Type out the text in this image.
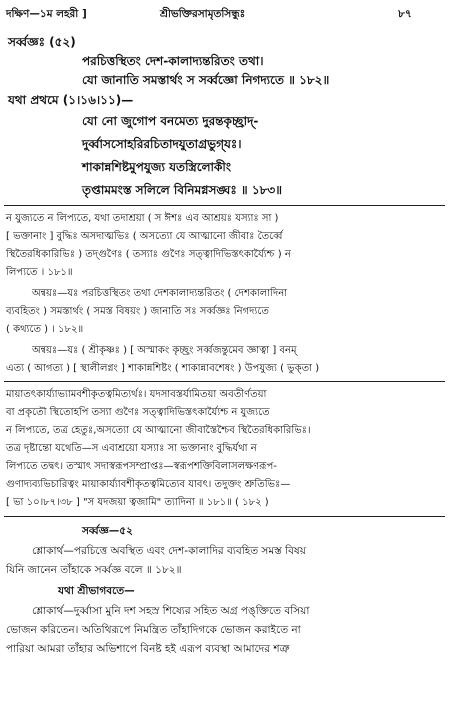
দক্ষিণ—১ম লহরী ]	শ্রীভক্তিরসামৃতসিন্ধুঃ	৮৭
সর্ব্বজ্ঞঃ (৫২)
পরচিত্তস্থিতং দেশ-কালাদ্যন্তরিতং তথা।
যো জানাতি সমস্তার্থং স সর্ব্বজ্ঞো নিগদ্যতে ॥ ১৮২॥
যথা প্রথমে (১।১৬।১১)—
যো নো জুগোপ বনমেত্য দুরন্তকৃচ্ছ্রাদ্-
দুর্ব্বাসসোহরিরচিতাদযুতাগ্রভুগ্‌যঃ।
শাকান্নশিষ্টমুপযুজ্য যতস্ত্রিলোকীং
তৃপ্তামমংস্ত সলিলে বিনিমগ্নসঙ্ঘঃ ॥ ১৮৩॥
ন যুজ্যতে ন লিপ্যতে, যথা তদাশ্রয়া ( স ঈশঃ এব আশ্রয়ঃ যস্যাঃ সা )
[ ভক্তানাং ] বুদ্ধিঃ অসদাত্মভিঃ ( অসত্যো যে আত্মানো জীবাঃ তৈর্ব্বে
স্থিতৈরধিকারিভিঃ ) তদ্গুণৈঃ ( তস্যাঃ গুণৈঃ সত্ত্বাদিভিস্তৎকার্য্যৈশ্চ ) ন
লিপ্যতে । ১৮১॥
অন্বয়ঃ—যঃ পরচিত্তস্থিতং তথা দেশকালাদ্যন্তরিতং ( দেশকালাদিনা
ব্যবহিতং ) সমস্তার্থং ( সমস্ত বিষয়ং ) জানাতি সঃ সর্ব্বজ্ঞঃ নিগদ্যতে
( কথ্যতে ) । ১৮২॥
অন্বয়ঃ—যঃ ( শ্রীকৃষ্ণঃ ) [ অস্মাকং কৃচ্ছ্রং সর্ব্বজন্তুমেব জ্ঞাত্বা ] বনম্
এত্য ( আগত্য ) [ স্থালীলগ্নং ] শাকান্নশিষ্টং ( শাকান্নাবশেষং ) উপযুজ্য ( ভুক্‌তা )
মায়াতৎকার্য্যাভ্যামবশীকৃতত্বমিত্যর্থঃ। যদসাবস্তর্যামিতয়া অবতীর্ণতয়া
বা প্রকৃতৌ স্থিতোহপি তস্যা গুণৈঃ সত্ত্বাদিভিস্তৎকার্য্যৈশ্চ ন যুজ্যতে
ন লিপ্যতে, তত্র হেতুঃ,অসত্যো যে আত্মানো জীবাস্তৈশ্চৈব স্থিতৈরধিকারিভিঃ।
তত্র দৃষ্টান্তো যথেতি—স এবাশ্রয়ো যস্যাঃ সা ভক্তানাং বুদ্ধির্যথা ন
লিপ্যতে তদ্বৎ। তস্মাৎ সদাস্বরূপসম্প্রাপ্তঃ—স্বরূপশক্তিবিলাসলক্ষণরূপ-
গুণাদ্যব্যভিচারিত্বং মায়াকার্য্যাবশীকৃতত্বমিত্যেব যাবৎ। তদুক্তং শ্রুতিভিঃ—
[ ভা ১০।৮৭।৩৮ ] "স যদজয়া ত্বজামি" ত্যাদিনা ॥ ১৮১॥ ( ১৮২ )
সর্ব্বজ্ঞ—৫২
শ্লোকার্থ—পরচিত্তে অবস্থিত এবং দেশ-কালাদির ব্যবহিত সমস্ত বিষয়
যিনি জানেন তাঁহাকে সর্ব্বজ্ঞ বলে ॥ ১৮২॥
যথা শ্রীভাগবতে—
শ্লোকার্থ—দুর্ব্বাসা মুনি দশ সহস্র শিষ্যের সহিত অগ্র পঙ্‌ক্তিতে বসিয়া
ভোজন করিতেন। অতিথিরূপে নিমন্ত্রিত তাঁহাদিগকে ভোজন করাইতে না
পারিয়া আমরা তাঁহার অভিশাপে বিনষ্ট হই এরূপ ব্যবস্থা আমাদের শত্রু
